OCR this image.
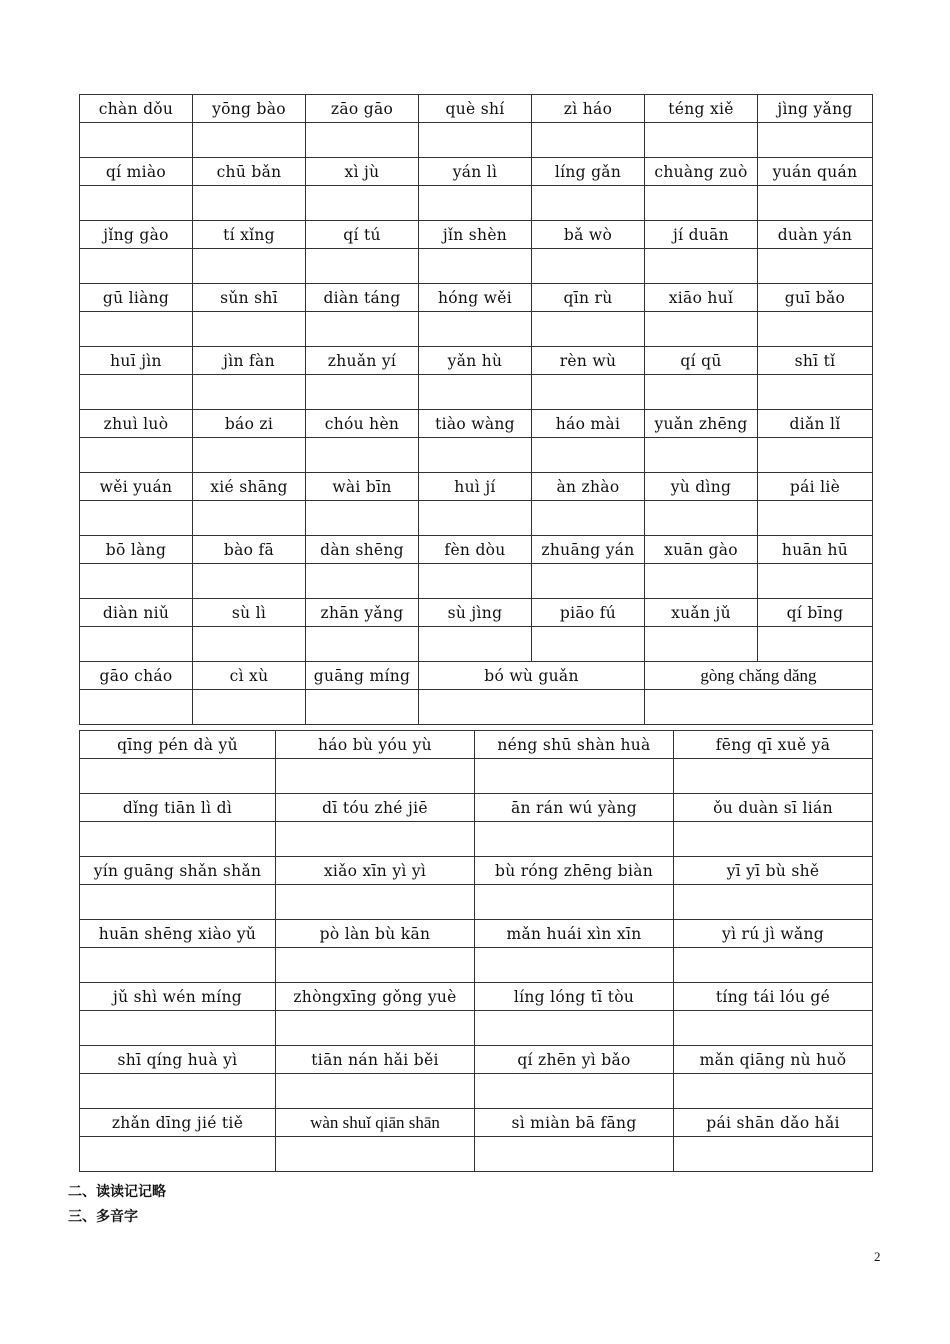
chàn dǒu	yōng bào	zāo gāo	què shí	zì háo	téng xiě	jìng yǎng

qí miào	chū bǎn	xì jù	yán lì	líng gǎn	chuàng zuò	yuán quán

jǐng gào	tí xǐng	qí tú	jǐn shèn	bǎ wò	jí duān	duàn yán

gū liàng	sǔn shī	diàn táng	hóng wěi	qīn rù	xiāo huǐ	guī bǎo

huī jìn	jìn fàn	zhuǎn yí	yǎn hù	rèn wù	qí qū	shī tǐ

zhuì luò	báo zi	chóu hèn	tiào wàng	háo mài	yuǎn zhēng	diǎn lǐ

wěi yuán	xié shāng	wài bīn	huì jí	àn zhào	yù dìng	pái liè

bō làng	bào fā	dàn shēng	fèn dòu	zhuāng yán	xuān gào	huān hū

diàn niǔ	sù lì	zhān yǎng	sù jìng	piāo fú	xuǎn jǔ	qí bīng

gāo cháo	cì xù	guāng míng	bó wù guǎn		gòng chǎng dǎng	

qīng pén dà yǔ	háo bù yóu yù	néng shū shàn huà	fēng qī xuě yā

dǐng tiān lì dì	dī tóu zhé jiē	ān rán wú yàng	ǒu duàn sī lián

yín guāng shǎn shǎn	xiǎo xīn yì yì	bù róng zhēng biàn	yī yī bù shě

huān shēng xiào yǔ	pò làn bù kān	mǎn huái xìn xīn	yì rú jì wǎng

jǔ shì wén míng	zhòngxīng gǒng yuè	líng lóng tī tòu	tíng tái lóu gé

shī qíng huà yì	tiān nán hǎi běi	qí zhēn yì bǎo	mǎn qiāng nù huǒ

zhǎn dīng jié tiě	wàn shuǐ qiān shān	sì miàn bā fāng	pái shān dǎo hǎi

二、读读记记略
三、多音字
2
